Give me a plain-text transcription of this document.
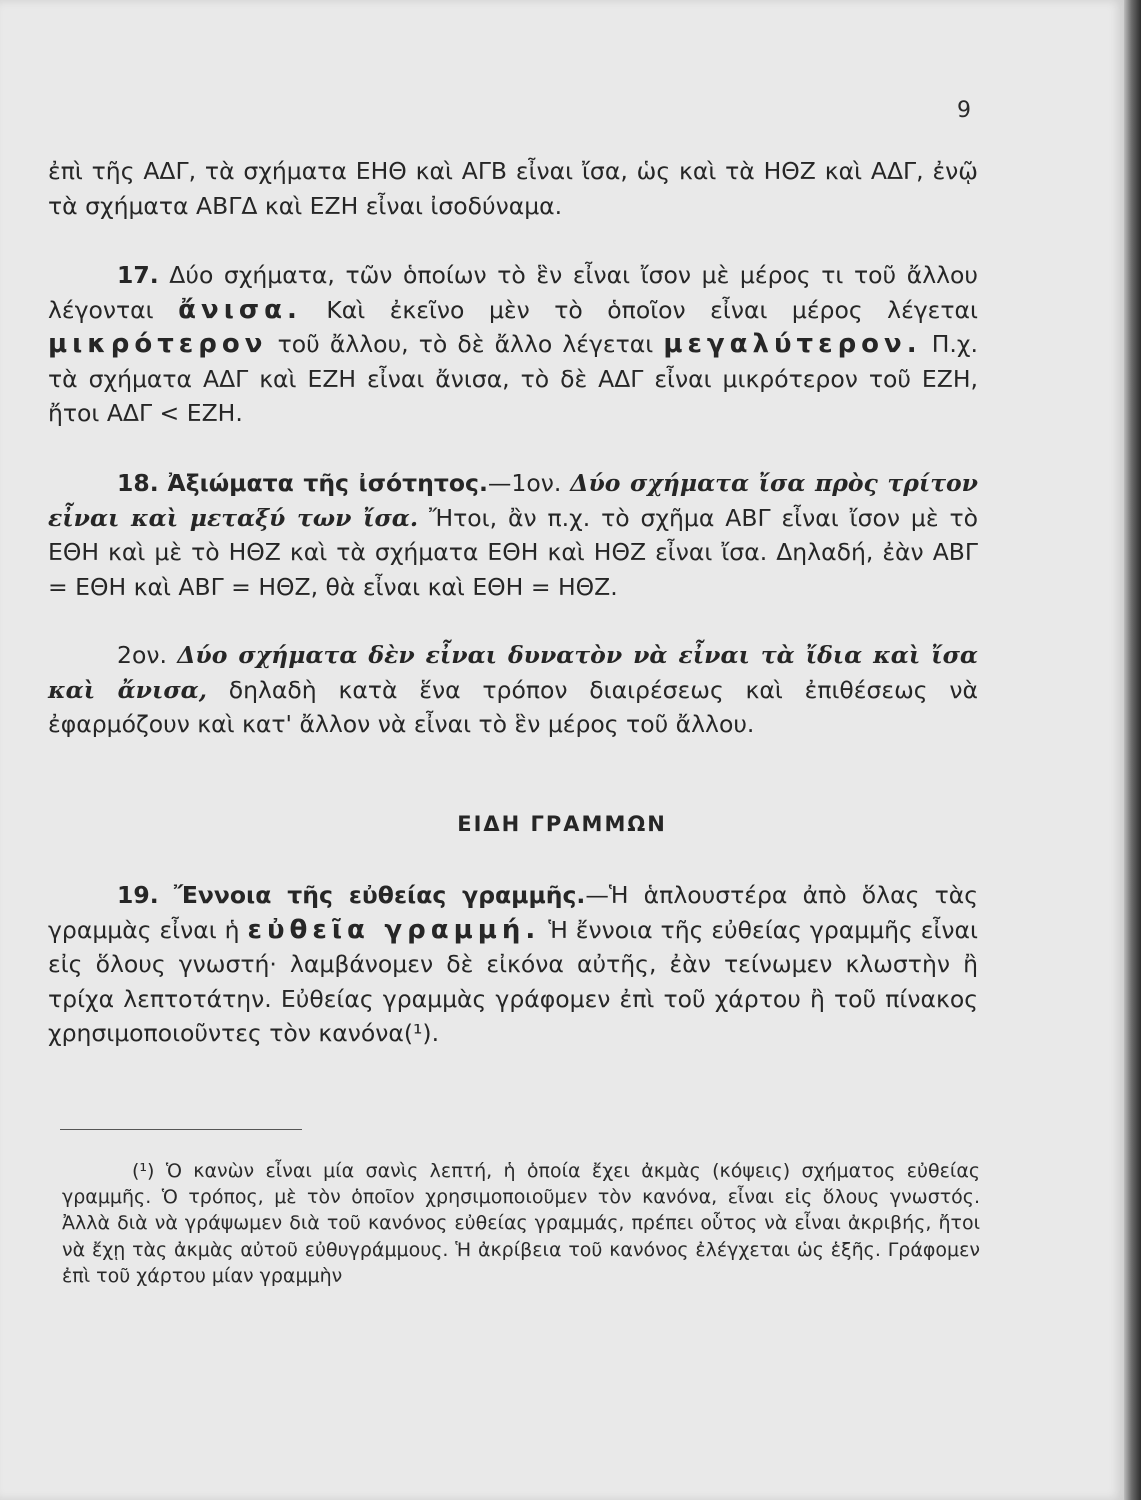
9

ἐπὶ τῆς ΑΔΓ, τὰ σχήματα ΕΗΘ καὶ ΑΓΒ εἶναι ἴσα, ὡς καὶ τὰ ΗΘΖ καὶ ΑΔΓ, ἐνῷ τὰ σχήματα ΑΒΓΔ καὶ ΕΖΗ εἶναι ἰσοδύναμα.

17. Δύο σχήματα, τῶν ὁποίων τὸ ἓν εἶναι ἴσον μὲ μέρος τι τοῦ ἄλλου λέγονται ἄνισα. Καὶ ἐκεῖνο μὲν τὸ ὁποῖον εἶναι μέρος λέγεται μικρότερον τοῦ ἄλλου, τὸ δὲ ἄλλο λέγεται μεγαλύτερον. Π.χ. τὰ σχήματα ΑΔΓ καὶ ΕΖΗ εἶναι ἄνισα, τὸ δὲ ΑΔΓ εἶναι μικρότερον τοῦ ΕΖΗ, ἤτοι ΑΔΓ < ΕΖΗ.

18. Ἀξιώματα τῆς ἰσότητος.—1ον. Δύο σχήματα ἴσα πρὸς τρίτον εἶναι καὶ μεταξύ των ἴσα. Ἤτοι, ἂν π.χ. τὸ σχῆμα ΑΒΓ εἶναι ἴσον μὲ τὸ ΕΘΗ καὶ μὲ τὸ ΗΘΖ καὶ τὰ σχήματα ΕΘΗ καὶ ΗΘΖ εἶναι ἴσα. Δηλαδή, ἐὰν ΑΒΓ = ΕΘΗ καὶ ΑΒΓ = ΗΘΖ, θὰ εἶναι καὶ ΕΘΗ = ΗΘΖ.

2ον. Δύο σχήματα δὲν εἶναι δυνατὸν νὰ εἶναι τὰ ἴδια καὶ ἴσα καὶ ἄνισα, δηλαδὴ κατὰ ἕνα τρόπον διαιρέσεως καὶ ἐπιθέσεως νὰ ἐφαρμόζουν καὶ κατ' ἄλλον νὰ εἶναι τὸ ἓν μέρος τοῦ ἄλλου.

ΕΙΔΗ ΓΡΑΜΜΩΝ

19. Ἔννοια τῆς εὐθείας γραμμῆς.—Ἡ ἁπλουστέρα ἀπὸ ὅλας τὰς γραμμὰς εἶναι ἡ εὐθεῖα γραμμή. Ἡ ἔννοια τῆς εὐθείας γραμμῆς εἶναι εἰς ὅλους γνωστή· λαμβάνομεν δὲ εἰκόνα αὐτῆς, ἐὰν τείνωμεν κλωστὴν ἢ τρίχα λεπτοτάτην. Εὐθείας γραμμὰς γράφομεν ἐπὶ τοῦ χάρτου ἢ τοῦ πίνακος χρησιμοποιοῦντες τὸν κανόνα(¹).

(¹) Ὁ κανὼν εἶναι μία σανὶς λεπτή, ἡ ὁποία ἔχει ἀκμὰς (κόψεις) σχήματος εὐθείας γραμμῆς. Ὁ τρόπος, μὲ τὸν ὁποῖον χρησιμοποιοῦμεν τὸν κανόνα, εἶναι εἰς ὅλους γνωστός. Ἀλλὰ διὰ νὰ γράψωμεν διὰ τοῦ κανόνος εὐθείας γραμμάς, πρέπει οὗτος νὰ εἶναι ἀκριβής, ἤτοι νὰ ἔχῃ τὰς ἀκμὰς αὐτοῦ εὐθυγράμμους. Ἡ ἀκρίβεια τοῦ κανόνος ἐλέγχεται ὡς ἑξῆς. Γράφομεν ἐπὶ τοῦ χάρτου μίαν γραμμὴν
